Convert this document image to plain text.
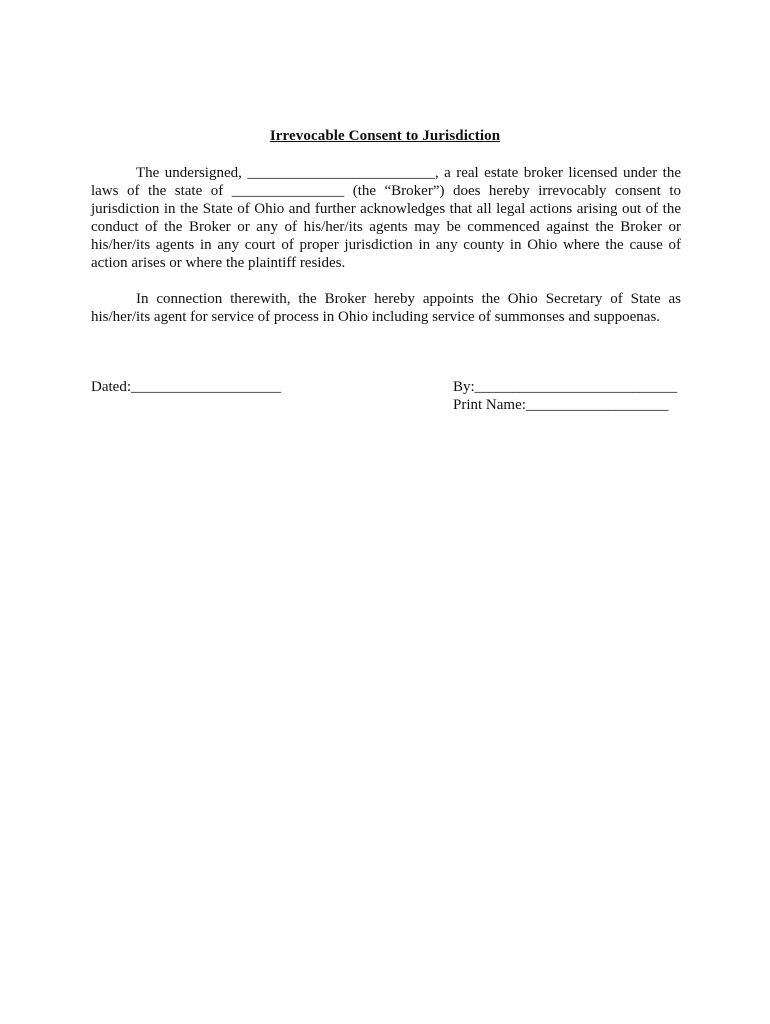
Irrevocable Consent to Jurisdiction
The undersigned, _________________________, a real estate broker licensed under the
laws of the state of _______________ (the “Broker”) does hereby irrevocably consent to
jurisdiction in the State of Ohio and further acknowledges that all legal actions arising out of the
conduct of the Broker or any of his/her/its agents may be commenced against the Broker or
his/her/its agents in any court of proper jurisdiction in any county in Ohio where the cause of
action arises or where the plaintiff resides.
In connection therewith, the Broker hereby appoints the Ohio Secretary of State as
his/her/its agent for service of process in Ohio including service of summonses and suppoenas.
Dated:____________________	By:___________________________
Print Name:___________________
